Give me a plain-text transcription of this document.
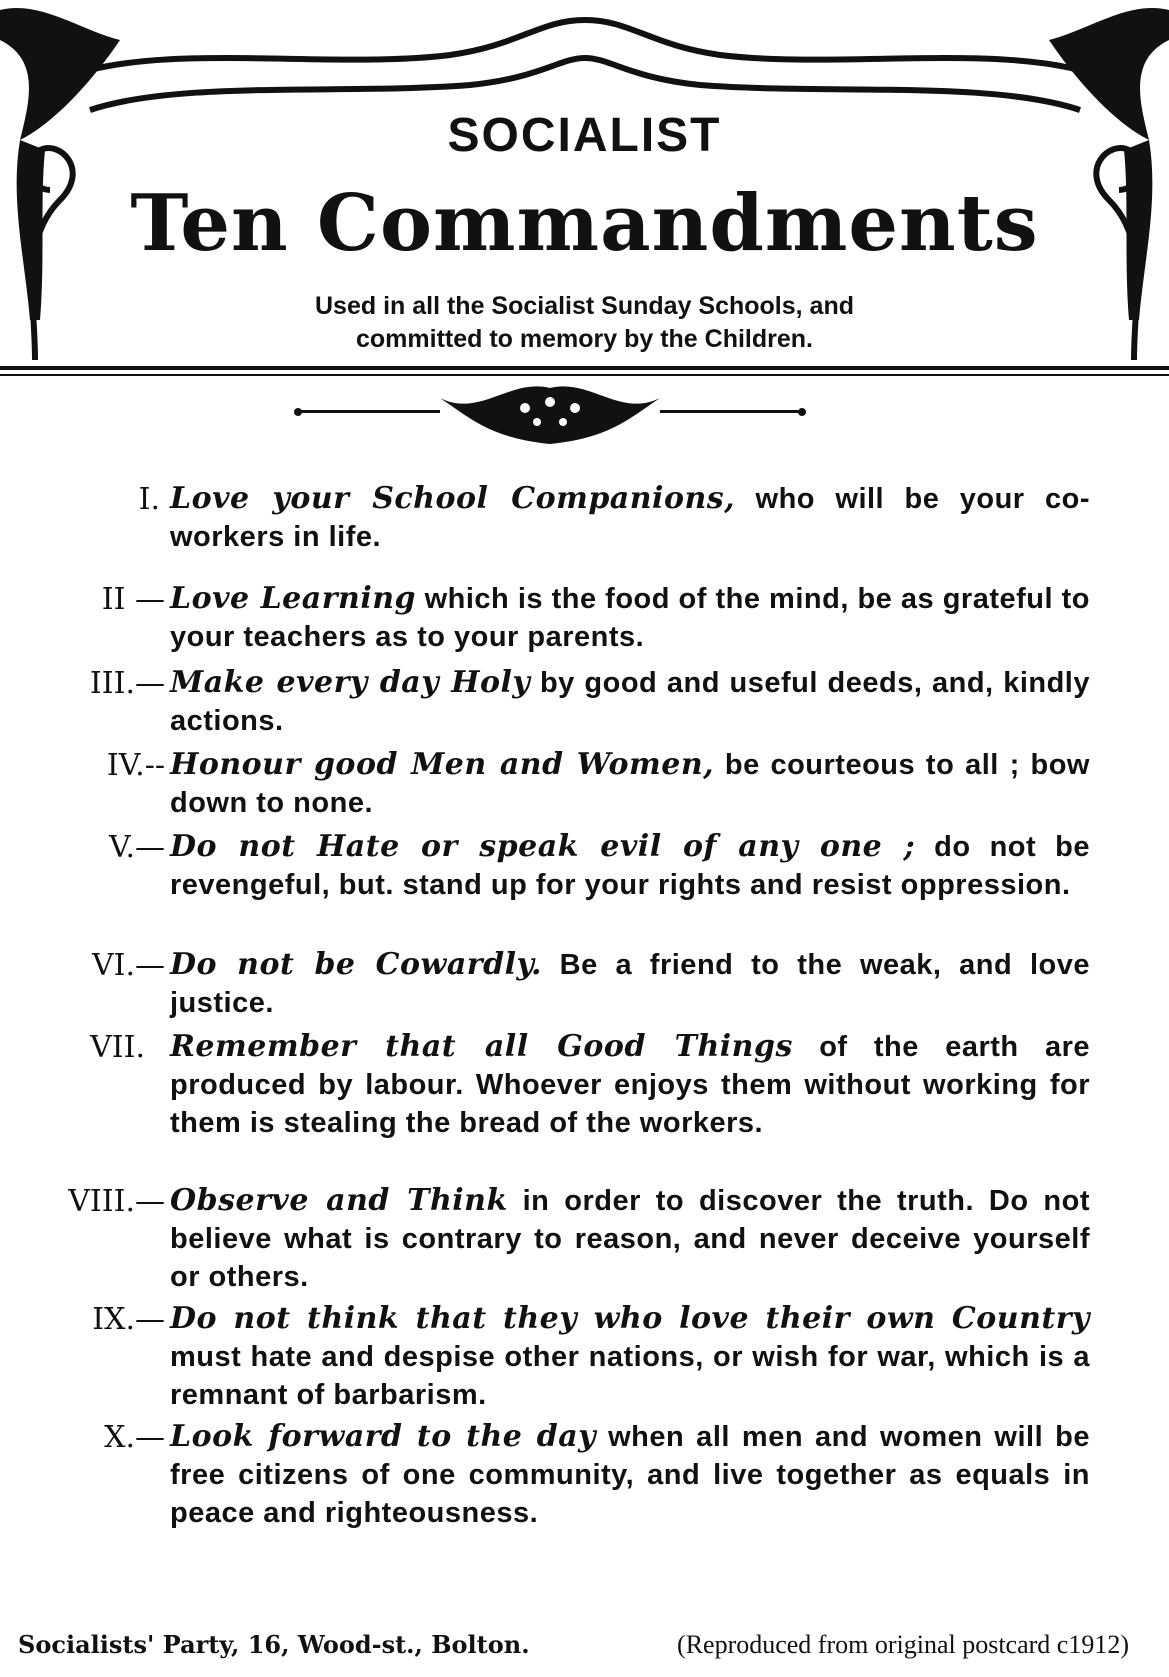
SOCIALIST
Ten Commandments
Used in all the Socialist Sunday Schools, and
committed to memory by the Children.
I. Love your School Companions, who will be your co-workers in life.
II — Love Learning which is the food of the mind, be as grateful to your teachers as to your parents.
III.— Make every day Holy by good and useful deeds, and, kindly actions.
IV.-- Honour good Men and Women, be courteous to all ; bow down to none.
V.— Do not Hate or speak evil of any one ; do not be revengeful, but. stand up for your rights and resist oppression.
VI.— Do not be Cowardly. Be a friend to the weak, and love justice.
VII. Remember that all Good Things of the earth are produced by labour. Whoever enjoys them without working for them is stealing the bread of the workers.
VIII.— Observe and Think in order to discover the truth. Do not believe what is contrary to reason, and never deceive yourself or others.
IX.— Do not think that they who love their own Country must hate and despise other nations, or wish for war, which is a remnant of barbarism.
X.— Look forward to the day when all men and women will be free citizens of one community, and live together as equals in peace and righteousness.
Socialists' Party, 16, Wood-st., Bolton.	(Reproduced from original postcard c1912)
